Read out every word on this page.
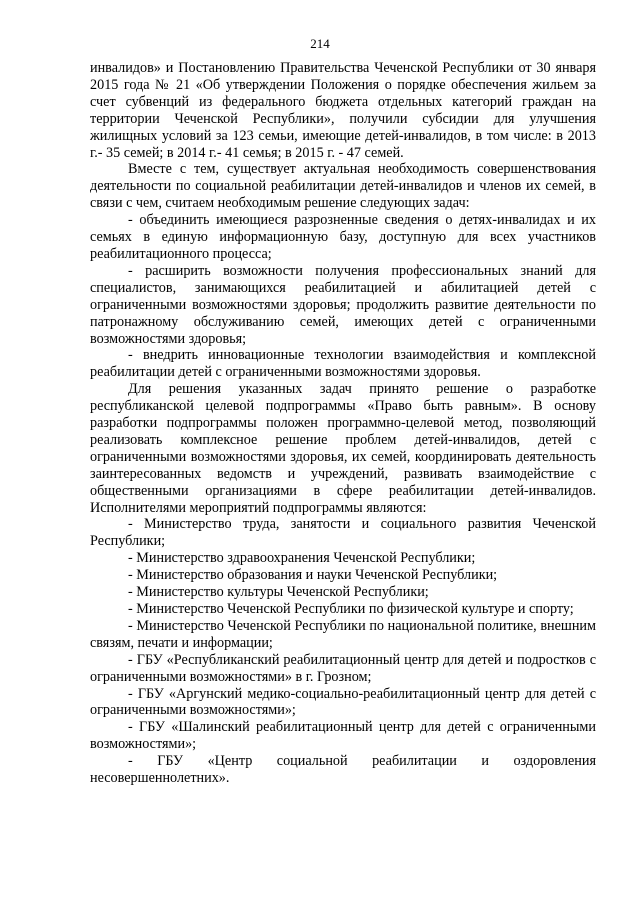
214

инвалидов» и Постановлению Правительства Чеченской Республики от 30 января 2015 года № 21 «Об утверждении Положения о порядке обеспечения жильем за счет субвенций из федерального бюджета отдельных категорий граждан на территории Чеченской Республики», получили субсидии для улучшения жилищных условий за 123 семьи, имеющие детей-инвалидов, в том числе: в 2013 г.- 35 семей; в 2014 г.- 41 семья; в 2015 г. - 47 семей.

Вместе с тем, существует актуальная необходимость совершенствования деятельности по социальной реабилитации детей-инвалидов и членов их семей, в связи с чем, считаем необходимым решение следующих задач:

- объединить имеющиеся разрозненные сведения о детях-инвалидах и их семьях в единую информационную базу, доступную для всех участников реабилитационного процесса;

- расширить возможности получения профессиональных знаний для специалистов, занимающихся реабилитацией и абилитацией детей с ограниченными возможностями здоровья; продолжить развитие деятельности по патронажному обслуживанию семей, имеющих детей с ограниченными возможностями здоровья;

- внедрить инновационные технологии взаимодействия и комплексной реабилитации детей с ограниченными возможностями здоровья.

Для решения указанных задач принято решение о разработке республиканской целевой подпрограммы «Право быть равным». В основу разработки подпрограммы положен программно-целевой метод, позволяющий реализовать комплексное решение проблем детей-инвалидов, детей с ограниченными возможностями здоровья, их семей, координировать деятельность заинтересованных ведомств и учреждений, развивать взаимодействие с общественными организациями в сфере реабилитации детей-инвалидов. Исполнителями мероприятий подпрограммы являются:

- Министерство труда, занятости и социального развития Чеченской Республики;

- Министерство здравоохранения Чеченской Республики;

- Министерство образования и науки Чеченской Республики;

- Министерство культуры Чеченской Республики;

- Министерство Чеченской Республики по физической культуре и спорту;

- Министерство Чеченской Республики по национальной политике, внешним связям, печати и информации;

- ГБУ «Республиканский реабилитационный центр для детей и подростков с ограниченными возможностями» в г. Грозном;

- ГБУ «Аргунский медико-социально-реабилитационный центр для детей с ограниченными возможностями»;

- ГБУ «Шалинский реабилитационный центр для детей с ограниченными возможностями»;

- ГБУ «Центр социальной реабилитации и оздоровления несовершеннолетних».
